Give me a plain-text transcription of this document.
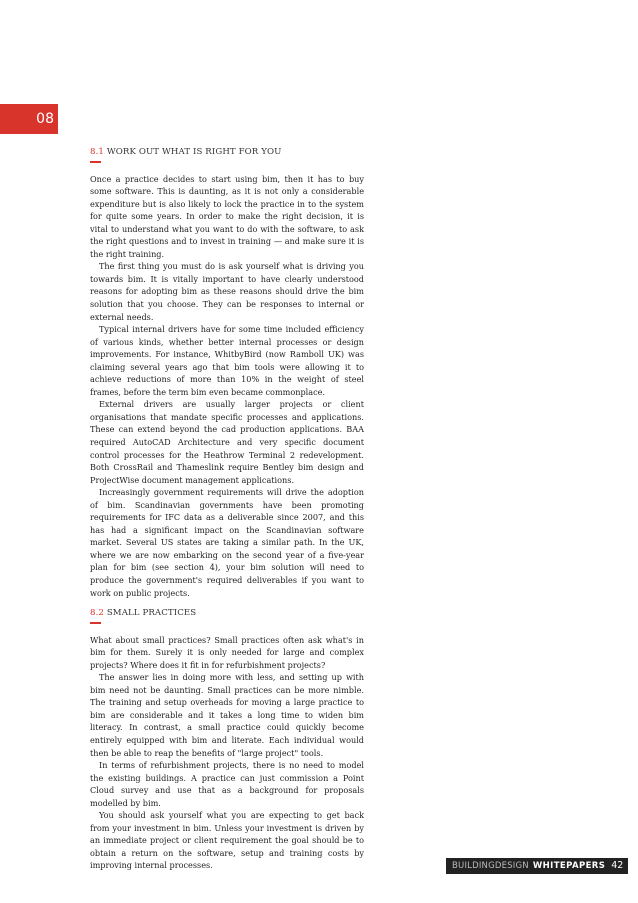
08
8.1 WORK OUT WHAT IS RIGHT FOR YOU

Once a practice decides to start using bim, then it has to buy some software. This is daunting, as it is not only a considerable expenditure but is also likely to lock the practice in to the system for quite some years. In order to make the right decision, it is vital to understand what you want to do with the software, to ask the right questions and to invest in training — and make sure it is the right training.

The first thing you must do is ask yourself what is driving you towards bim. It is vitally important to have clearly understood reasons for adopting bim as these reasons should drive the bim solution that you choose. They can be responses to internal or external needs.

Typical internal drivers have for some time included efficiency of various kinds, whether better internal processes or design improvements. For instance, WhitbyBird (now Ramboll UK) was claiming several years ago that bim tools were allowing it to achieve reductions of more than 10% in the weight of steel frames, before the term bim even became commonplace.

External drivers are usually larger projects or client organisations that mandate specific processes and applications. These can extend beyond the cad production applications. BAA required AutoCAD Architecture and very specific document control processes for the Heathrow Terminal 2 redevelopment. Both CrossRail and Thameslink require Bentley bim design and ProjectWise document management applications.

Increasingly government requirements will drive the adoption of bim. Scandinavian governments have been promoting requirements for IFC data as a deliverable since 2007, and this has had a significant impact on the Scandinavian software market. Several US states are taking a similar path. In the UK, where we are now embarking on the second year of a five-year plan for bim (see section 4), your bim solution will need to produce the government's required deliverables if you want to work on public projects.

8.2 SMALL PRACTICES

What about small practices? Small practices often ask what's in bim for them. Surely it is only needed for large and complex projects? Where does it fit in for refurbishment projects?

The answer lies in doing more with less, and setting up with bim need not be daunting. Small practices can be more nimble. The training and setup overheads for moving a large practice to bim are considerable and it takes a long time to widen bim literacy. In contrast, a small practice could quickly become entirely equipped with bim and literate. Each individual would then be able to reap the benefits of "large project" tools.

In terms of refurbishment projects, there is no need to model the existing buildings. A practice can just commission a Point Cloud survey and use that as a background for proposals modelled by bim.

You should ask yourself what you are expecting to get back from your investment in bim. Unless your investment is driven by an immediate project or client requirement the goal should be to obtain a return on the software, setup and training costs by improving internal processes.	BUILDINGDESIGN WHITEPAPERS 42
